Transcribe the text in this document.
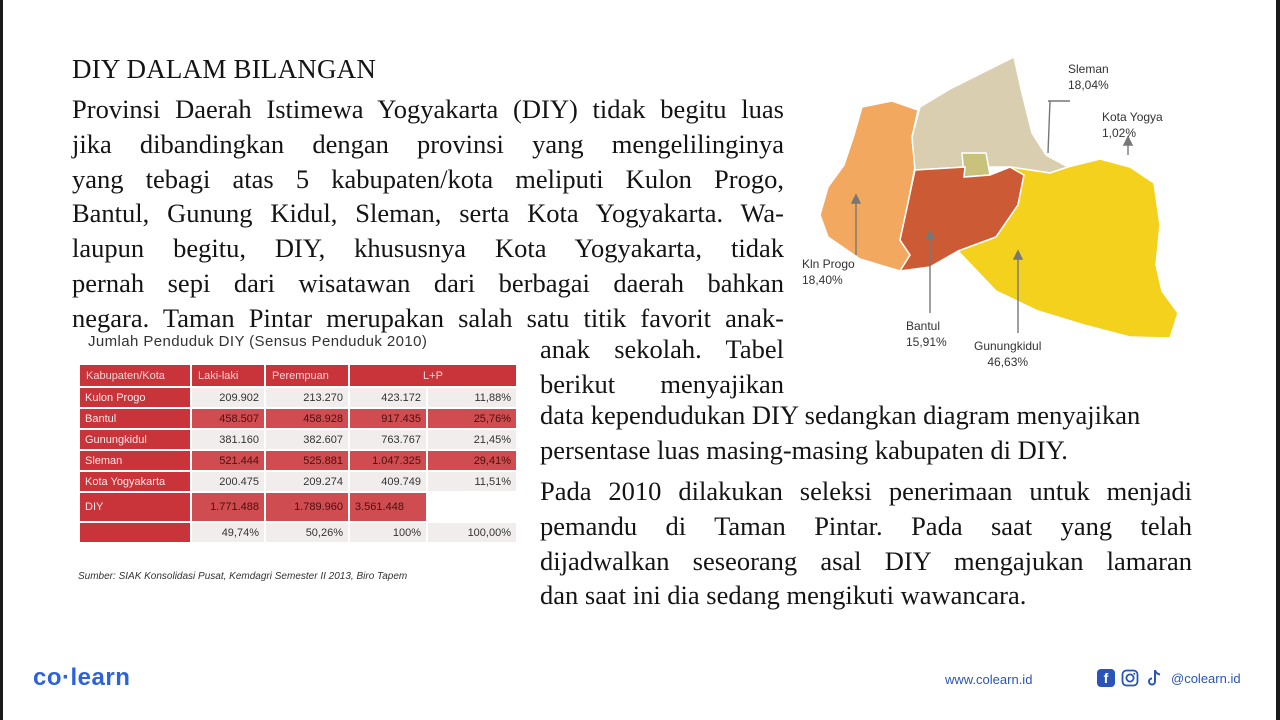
DIY DALAM BILANGAN
Provinsi Daerah Istimewa Yogyakarta (DIY) tidak begitu luas
jika dibandingkan dengan provinsi yang mengelilinginya
yang tebagi atas 5 kabupaten/kota meliputi Kulon Progo,
Bantul, Gunung Kidul, Sleman, serta Kota Yogyakarta. Wa-
laupun begitu, DIY, khususnya Kota Yogyakarta, tidak
pernah sepi dari wisatawan dari berbagai daerah bahkan
negara. Taman Pintar merupakan salah satu titik favorit anak-
Jumlah Penduduk DIY (Sensus Penduduk 2010)
Kabupaten/Kota	Laki-laki	Perempuan	L+P	
Kulon Progo	209.902	213.270	423.172	11,88%
Bantul	458.507	458.928	917.435	25,76%
Gunungkidul	381.160	382.607	763.767	21,45%
Sleman	521.444	525.881	1.047.325	29,41%
Kota Yogyakarta	200.475	209.274	409.749	11,51%
DIY	1.771.488	1.789.960	3.561.448	
	49,74%	50,26%	100%	100,00%
Sumber: SIAK Konsolidasi Pusat, Kemdagri Semester II 2013, Biro Tapem
anak sekolah. Tabel
berikut menyajikan
data kependudukan DIY sedangkan diagram menyajikan
persentase luas masing-masing kabupaten di DIY.
Pada 2010 dilakukan seleksi penerimaan untuk menjadi
pemandu di Taman Pintar. Pada saat yang telah
dijadwalkan seseorang asal DIY mengajukan lamaran
dan saat ini dia sedang mengikuti wawancara.
Sleman
18,04%
Kota Yogya
1,02%
Kln Progo
18,40%
Bantul
15,91% Gunungkidul
46,63%
co·learn	www.colearn.id	f	@colearn.id
